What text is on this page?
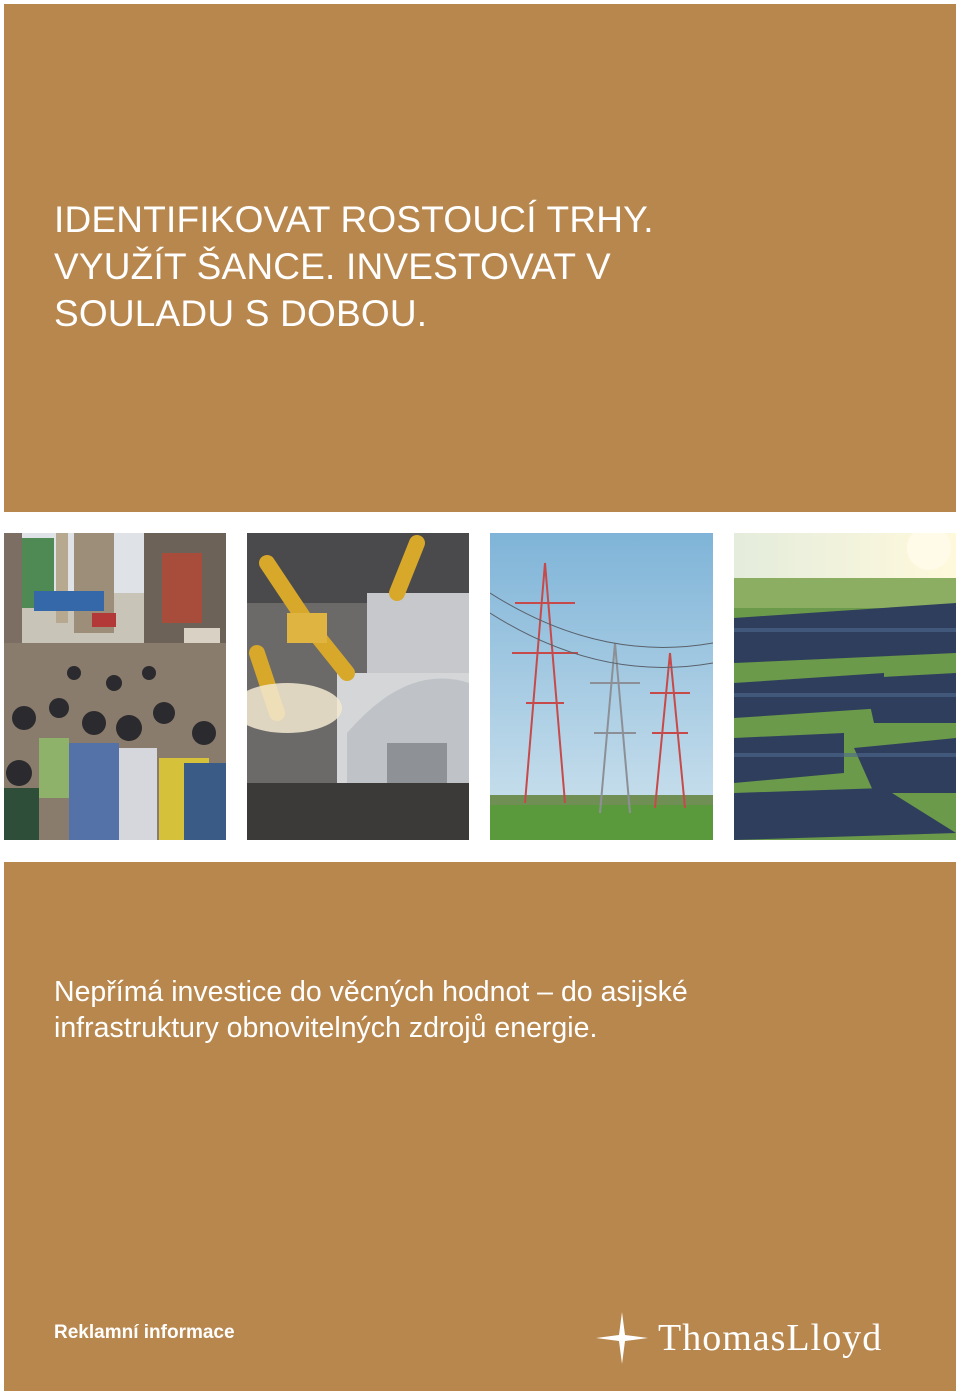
IDENTIFIKOVAT ROSTOUCÍ TRHY.
VYUŽÍT ŠANCE. INVESTOVAT V
SOULADU S DOBOU.

Nepřímá investice do věcných hodnot – do asijské
infrastruktury obnovitelných zdrojů energie.

Reklamní informace	ThomasLloyd
